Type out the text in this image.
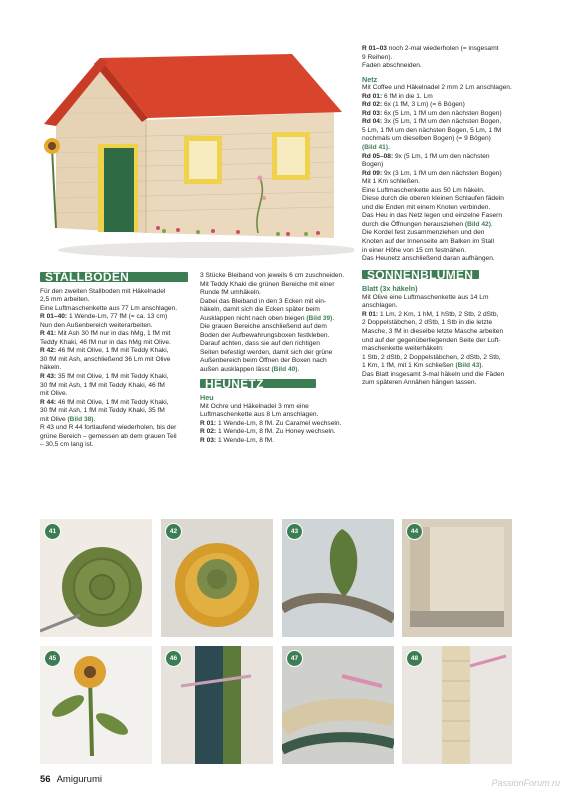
STALLBODEN

Für den zweiten Stallboden mit Häkelnadel

2,5 mm arbeiten.

Eine Luftmaschenkette aus 77 Lm anschlagen.

R 01–40: 1 Wende-Lm, 77 fM (= ca. 13 cm)

Nun den Außenbereich weiterarbeiten.

R 41: Mit Ash 30 fM nur in das hMg, 1 fM mit

Teddy Khaki, 46 fM nur in das hMg mit Olive.

R 42: 46 fM mit Olive, 1 fM mit Teddy Khaki,

30 fM mit Ash, anschließend 36 Lm mit Olive

häkeln.

R 43: 35 fM mit Olive, 1 fM mit Teddy Khaki,

30 fM mit Ash, 1 fM mit Teddy Khaki, 46 fM

mit Olive.

R 44: 46 fM mit Olive, 1 fM mit Teddy Khaki,

30 fM mit Ash, 1 fM mit Teddy Khaki, 35 fM

mit Olive (Bild 38).

R 43 und R 44 fortlaufend wiederholen, bis der

grüne Bereich – gemessen ab dem grauen Teil

– 30,5 cm lang ist.

3 Stücke Bleiband von jeweils 6 cm zuschneiden.

Mit Teddy Khaki die grünen Bereiche mit einer

Runde fM umhäkeln.

Dabei das Bleiband in den 3 Ecken mit ein-

häkeln, damit sich die Ecken später beim

Ausklappen nicht nach oben biegen (Bild 39).

Die grauen Bereiche anschließend auf dem

Boden der Aufbewahrungsboxen festkleben.

Darauf achten, dass sie auf den richtigen

Seiten befestigt werden, damit sich der grüne

Außenbereich beim Öffnen der Boxen nach

außen ausklappen lässt (Bild 40).

HEUNETZ

Heu

Mit Ochre und Häkelnadel 3 mm eine

Luftmaschenkette aus 8 Lm anschlagen.

R 01: 1 Wende-Lm, 8 fM. Zu Caramel wechseln.

R 02: 1 Wende-Lm, 8 fM. Zu Honey wechseln.

R 03: 1 Wende-Lm, 8 fM.

R 01–03 noch 2-mal wiederholen (= insgesamt

9 Reihen).

Faden abschneiden.

Netz

Mit Coffee und Häkelnadel 2 mm 2 Lm anschlagen.

Rd 01: 6 fM in die 1. Lm

Rd 02: 6x (1 fM, 3 Lm) (= 6 Bögen)

Rd 03: 6x (5 Lm, 1 fM um den nächsten Bogen)

Rd 04: 3x (5 Lm, 1 fM um den nächsten Bogen,

5 Lm, 1 fM um den nächsten Bogen, 5 Lm, 1 fM

nochmals um dieselben Bogen) (= 9 Bögen)

(Bild 41).

Rd 05–08: 9x (5 Lm, 1 fM um den nächsten

Bogen)

Rd 09: 9x (3 Lm, 1 fM um den nächsten Bogen)

Mit 1 Km schließen.

Eine Luftmaschenkette aus 50 Lm häkeln.

Diese durch die oberen kleinen Schlaufen fädeln

und die Enden mit einem Knoten verbinden.

Das Heu in das Netz legen und einzelne Fasern

durch die Öffnungen herausziehen (Bild 42).

Die Kordel fest zusammenziehen und den

Knoten auf der Innenseite am Balken im Stall

in einer Höhe von 15 cm festnähen.

Das Heunetz anschließend daran aufhängen.

SONNENBLUMEN

Blatt (3x häkeln)

Mit Olive eine Luftmaschenkette aus 14 Lm

anschlagen.

R 01: 1 Lm, 2 Km, 1 hM, 1 hStb, 2 Stb, 2 dStb,

2 Doppelstäbchen, 2 dStb, 1 Stb in die letzte

Masche, 3 fM in dieselbe letzte Masche arbeiten

und auf der gegenüberliegenden Seite der Luft-

maschenkette weiterhäkeln:

1 Stb, 2 dStb, 2 Doppelstäbchen, 2 dStb, 2 Stb,

1 Km, 1 fM, mit 1 Km schließen (Bild 43).

Das Blatt insgesamt 3-mal häkeln und die Fäden

zum späteren Annähen hängen lassen.

41	42	43	44
45	46	47	48
56 Amigurumi	PassionForum.ru
